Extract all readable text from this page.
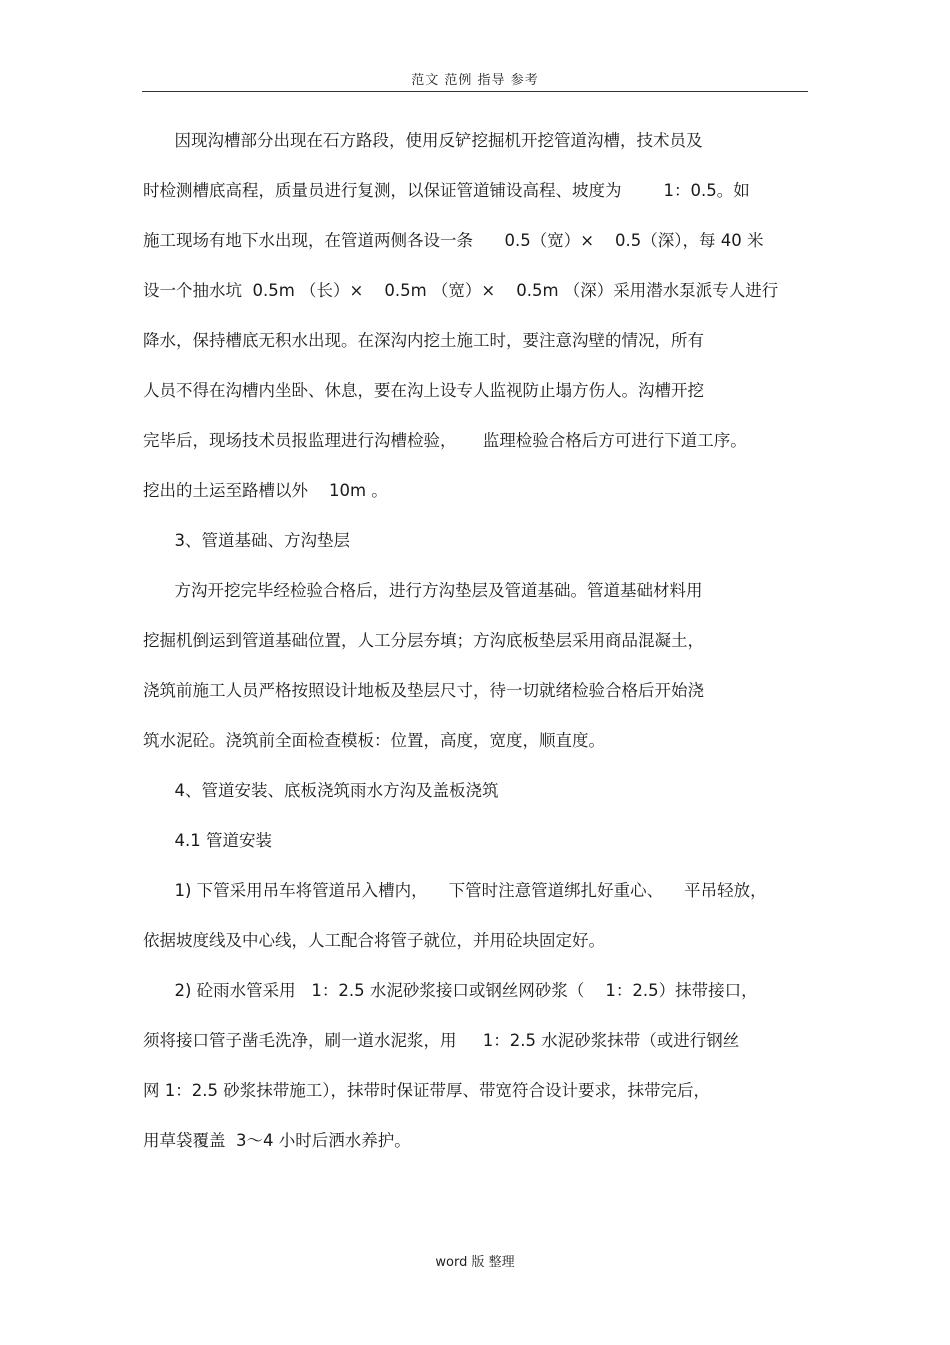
范文 范例 指导 参考
因现沟槽部分出现在石方路段，使用反铲挖掘机开挖管道沟槽，技术员及
时检测槽底高程，质量员进行复测，以保证管道铺设高程、坡度为        1：0.5。如
施工现场有地下水出现，在管道两侧各设一条      0.5（宽）×    0.5（深），每 40 米
设一个抽水坑  0.5m （长）×    0.5m （宽）×    0.5m （深）采用潜水泵派专人进行
降水，保持槽底无积水出现。在深沟内挖土施工时，要注意沟壁的情况，所有
人员不得在沟槽内坐卧、休息，要在沟上设专人监视防止塌方伤人。沟槽开挖
完毕后，现场技术员报监理进行沟槽检验，     监理检验合格后方可进行下道工序。
挖出的土运至路槽以外    10m 。
3、管道基础、方沟垫层
方沟开挖完毕经检验合格后，进行方沟垫层及管道基础。管道基础材料用
挖掘机倒运到管道基础位置，人工分层夯填；方沟底板垫层采用商品混凝土，
浇筑前施工人员严格按照设计地板及垫层尺寸，待一切就绪检验合格后开始浇
筑水泥砼。浇筑前全面检查模板：位置，高度，宽度，顺直度。
4、管道安装、底板浇筑雨水方沟及盖板浇筑
4.1 管道安装
1) 下管采用吊车将管道吊入槽内，    下管时注意管道绑扎好重心、    平吊轻放，
依据坡度线及中心线，人工配合将管子就位，并用砼块固定好。
2) 砼雨水管采用   1：2.5 水泥砂浆接口或钢丝网砂浆（    1：2.5）抹带接口，
须将接口管子凿毛洗净，刷一道水泥浆，用     1：2.5 水泥砂浆抹带（或进行钢丝
网 1：2.5 砂浆抹带施工），抹带时保证带厚、带宽符合设计要求，抹带完后，
用草袋覆盖  3～4 小时后洒水养护。
word 版 整理
